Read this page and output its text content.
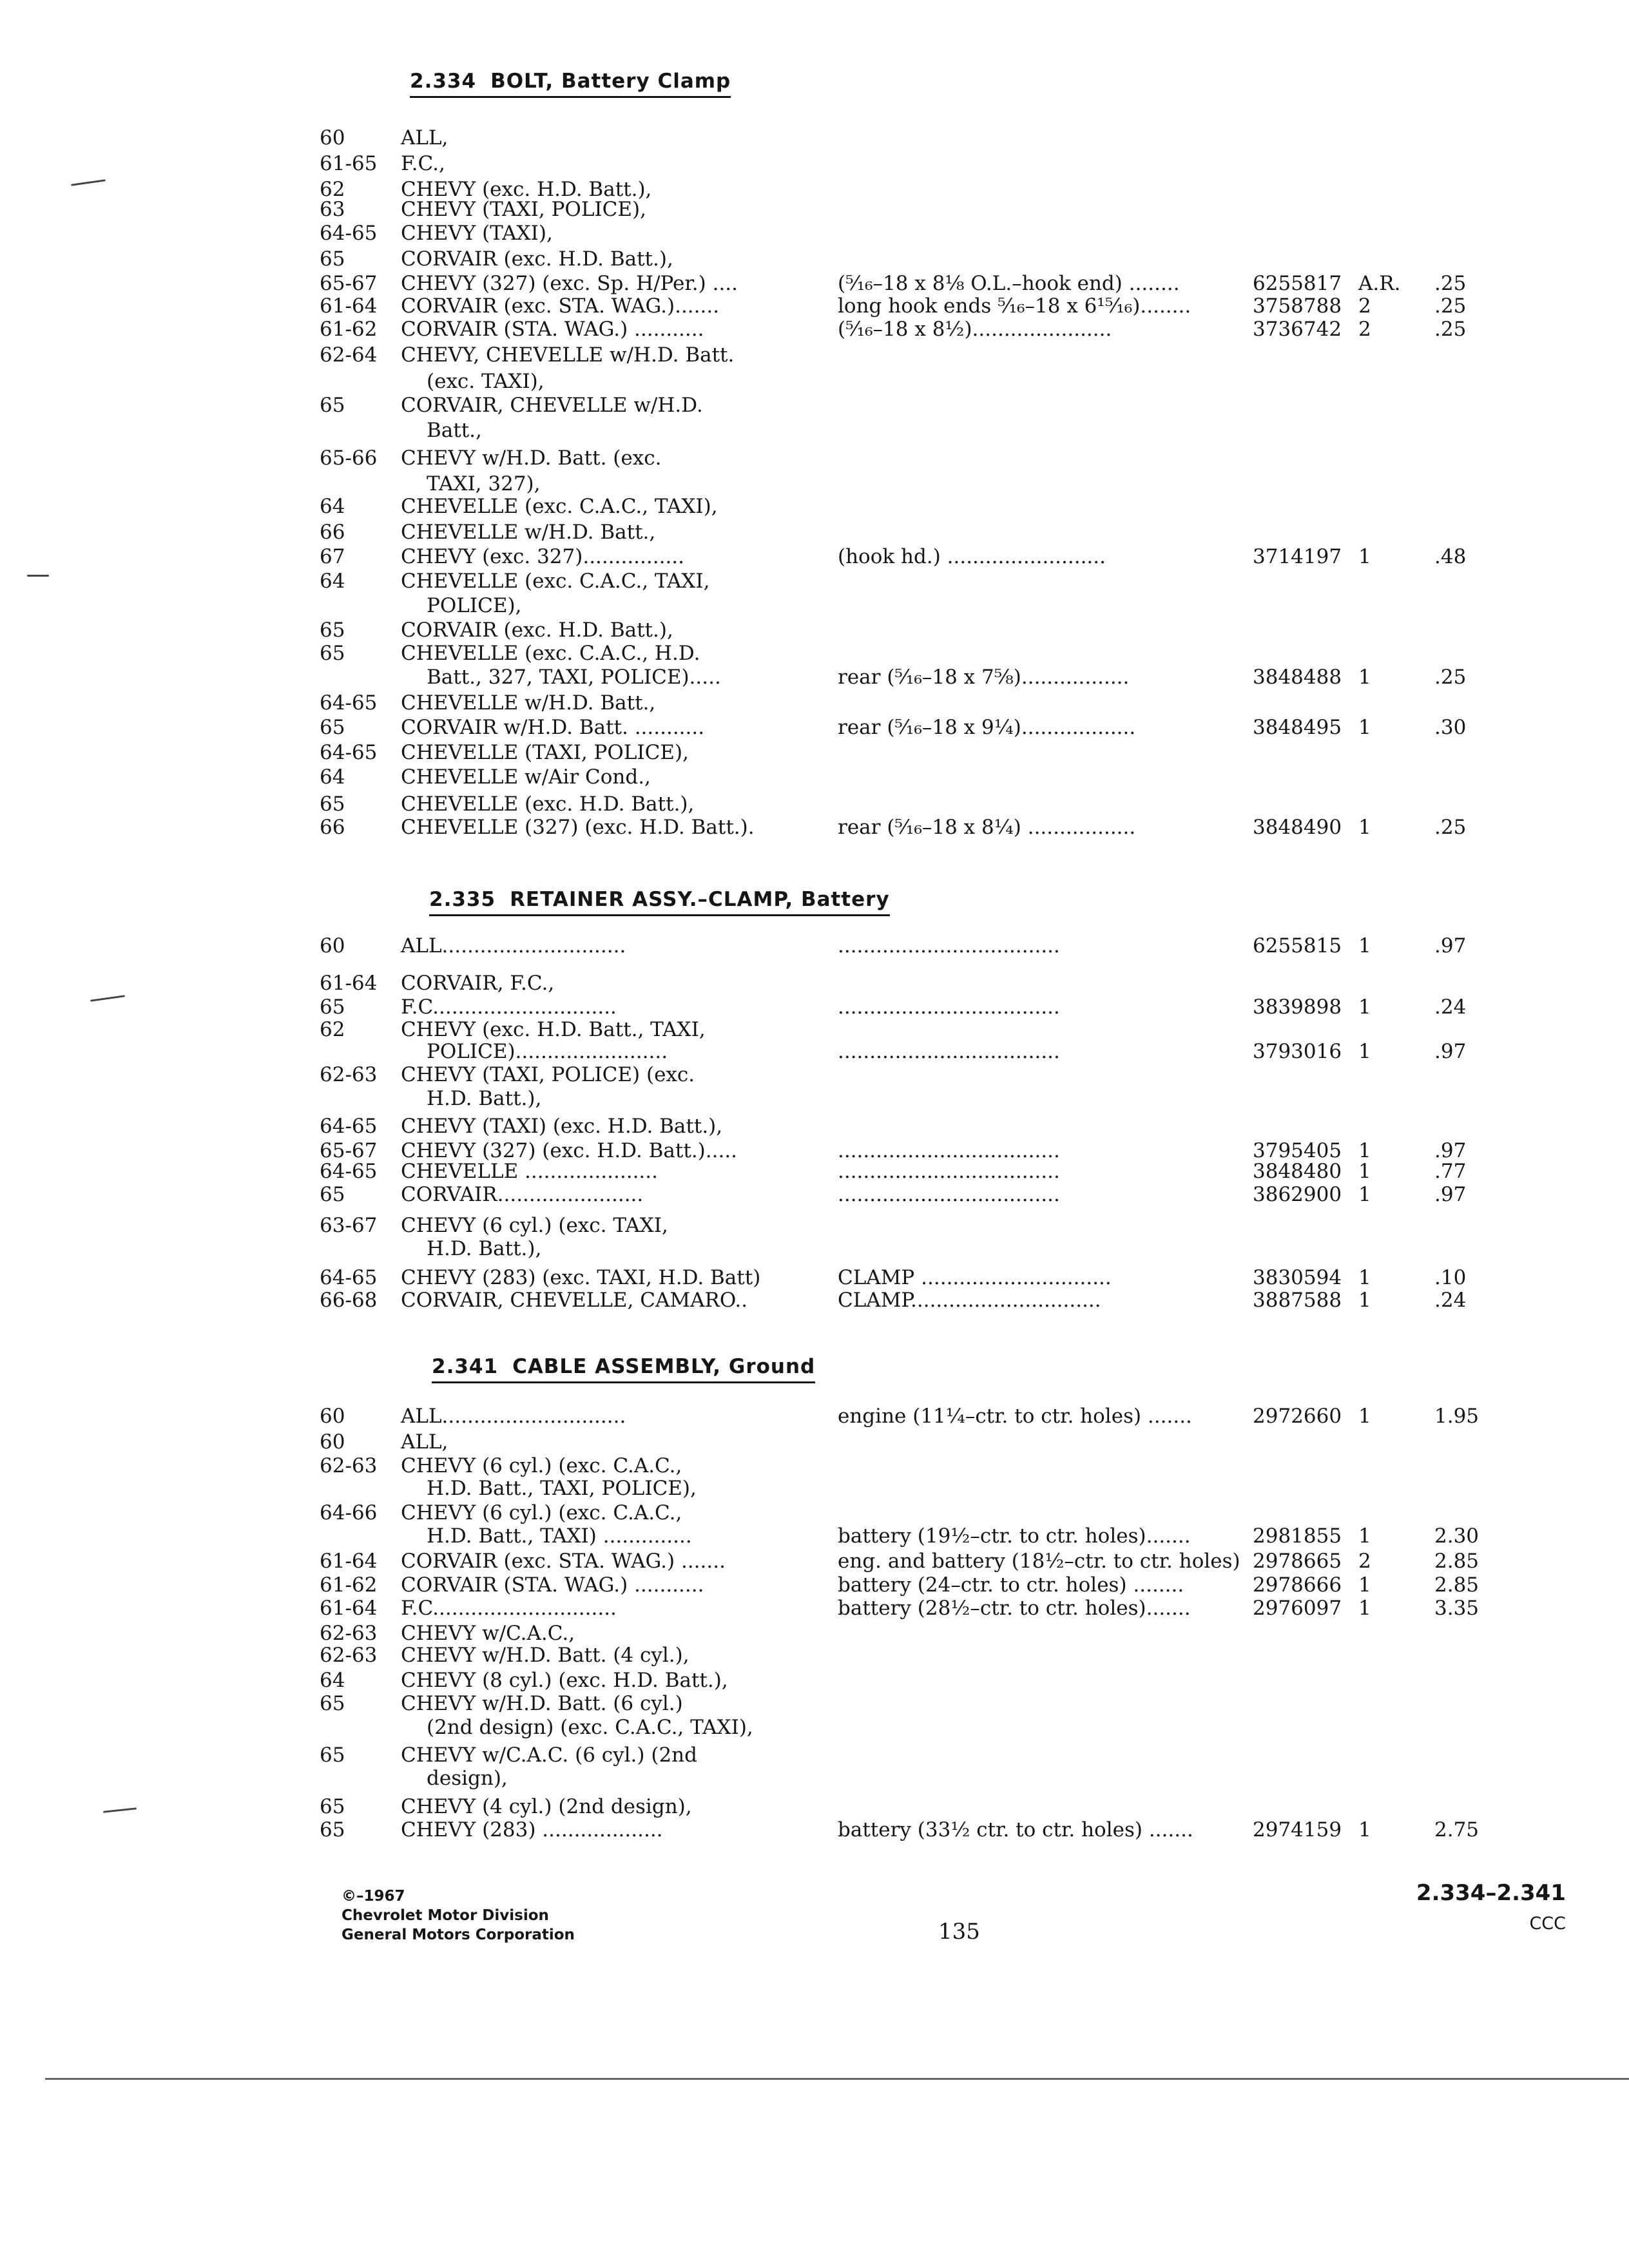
2.334 BOLT, Battery Clamp
60	ALL,
61-65	F.C.,
62	CHEVY (exc. H.D. Batt.),
63	CHEVY (TAXI, POLICE),
64-65	CHEVY (TAXI),
65	CORVAIR (exc. H.D. Batt.),
65-67	CHEVY (327) (exc. Sp. H/Per.) ....	(⁵⁄₁₆–18 x 8¹⁄₈ O.L.–hook end) ........	6255817 A.R. .25
61-64	CORVAIR (exc. STA. WAG.).......	long hook ends ⁵⁄₁₆–18 x 6¹⁵⁄₁₆)........	3758788 2	.25
61-62	CORVAIR (STA. WAG.) ...........	(⁵⁄₁₆–18 x 8½)......................	3736742 2	.25
62-64	CHEVY, CHEVELLE w/H.D. Batt.
(exc. TAXI),
65	CORVAIR, CHEVELLE w/H.D.
Batt.,
65-66	CHEVY w/H.D. Batt. (exc.
TAXI, 327),
64	CHEVELLE (exc. C.A.C., TAXI),
66	CHEVELLE w/H.D. Batt.,
67	CHEVY (exc. 327)................	(hook hd.) .........................	3714197 1	.48
64	CHEVELLE (exc. C.A.C., TAXI,
POLICE),
65	CORVAIR (exc. H.D. Batt.),
65	CHEVELLE (exc. C.A.C., H.D.
Batt., 327, TAXI, POLICE).....	rear (⁵⁄₁₆–18 x 7⅝).................	3848488 1	.25
64-65	CHEVELLE w/H.D. Batt.,
65	CORVAIR w/H.D. Batt. ...........	rear (⁵⁄₁₆–18 x 9¼)..................	3848495 1	.30
64-65	CHEVELLE (TAXI, POLICE),
64	CHEVELLE w/Air Cond.,
65	CHEVELLE (exc. H.D. Batt.),
66	CHEVELLE (327) (exc. H.D. Batt.).	rear (⁵⁄₁₆–18 x 8¼) .................	3848490 1	.25
2.335 RETAINER ASSY.–CLAMP, Battery
60	ALL.............................	...................................	6255815 1	.97
61-64	CORVAIR, F.C.,
65	F.C.............................	...................................	3839898 1	.24
62	CHEVY (exc. H.D. Batt., TAXI,
POLICE)........................	...................................	3793016 1	.97
62-63	CHEVY (TAXI, POLICE) (exc.
H.D. Batt.),
64-65	CHEVY (TAXI) (exc. H.D. Batt.),
65-67	CHEVY (327) (exc. H.D. Batt.).....	...................................	3795405 1	.97
64-65	CHEVELLE .....................	...................................	3848480 1	.77
65	CORVAIR.......................	...................................	3862900 1	.97
63-67	CHEVY (6 cyl.) (exc. TAXI,
H.D. Batt.),
64-65	CHEVY (283) (exc. TAXI, H.D. Batt)	CLAMP ..............................	3830594 1	.10
66-68	CORVAIR, CHEVELLE, CAMARO..	CLAMP..............................	3887588 1	.24
2.341 CABLE ASSEMBLY, Ground
60	ALL.............................	engine (11¼–ctr. to ctr. holes) .......	2972660 1	1.95
60	ALL,
62-63	CHEVY (6 cyl.) (exc. C.A.C.,
H.D. Batt., TAXI, POLICE),
64-66	CHEVY (6 cyl.) (exc. C.A.C.,
H.D. Batt., TAXI) ..............	battery (19½–ctr. to ctr. holes).......	2981855 1	2.30
61-64	CORVAIR (exc. STA. WAG.) .......	eng. and battery (18½–ctr. to ctr. holes) 2978665 2	2.85
61-62	CORVAIR (STA. WAG.) ...........	battery (24–ctr. to ctr. holes) ........	2978666 1	2.85
61-64	F.C.............................	battery (28½–ctr. to ctr. holes).......	2976097 1	3.35
62-63	CHEVY w/C.A.C.,
62-63	CHEVY w/H.D. Batt. (4 cyl.),
64	CHEVY (8 cyl.) (exc. H.D. Batt.),
65	CHEVY w/H.D. Batt. (6 cyl.)
(2nd design) (exc. C.A.C., TAXI),
65	CHEVY w/C.A.C. (6 cyl.) (2nd
design),
65	CHEVY (4 cyl.) (2nd design),
65	CHEVY (283) ...................	battery (33½ ctr. to ctr. holes) .......	2974159 1	2.75
©–1967
Chevrolet Motor Division
General Motors Corporation	135
2.334–2.341
CCC
